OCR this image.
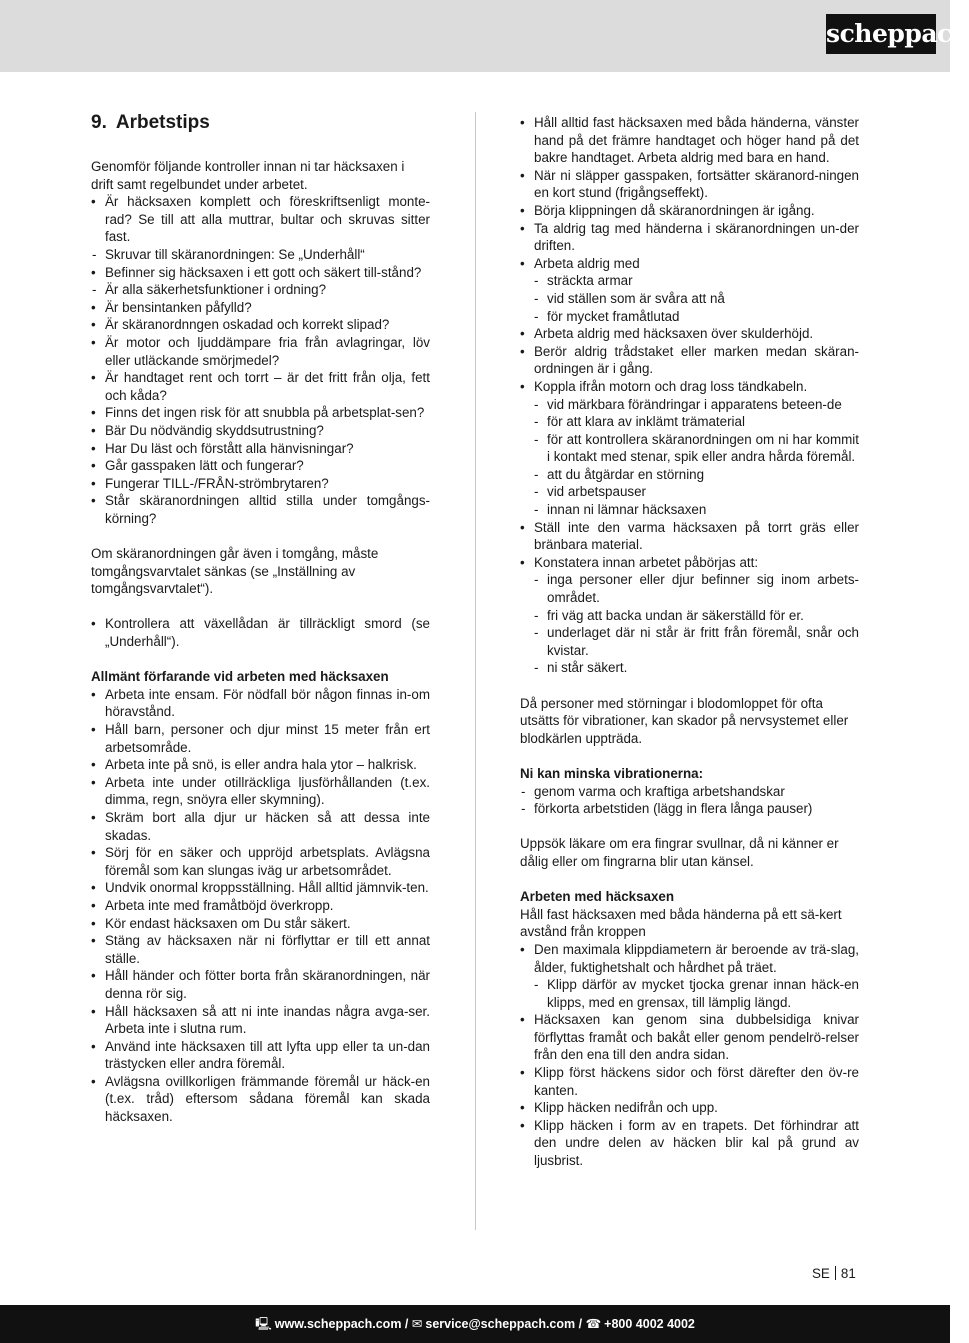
scheppach
9. Arbetstips

Genomför följande kontroller innan ni tar häcksaxen i drift samt regelbundet under arbetet.

• Är häcksaxen komplett och föreskriftsenligt monte-rad? Se till att alla muttrar, bultar och skruvas sitter fast.
- Skruvar till skäranordningen: Se „Underhåll“
• Befinner sig häcksaxen i ett gott och säkert till-stånd?
- Är alla säkerhetsfunktioner i ordning?
• Är bensintanken påfylld?
• Är skäranordnngen oskadad och korrekt slipad?
• Är motor och ljuddämpare fria från avlagringar, löv eller utläckande smörjmedel?
• Är handtaget rent och torrt – är det fritt från olja, fett och kåda?
• Finns det ingen risk för att snubbla på arbetsplat-sen?
• Bär Du nödvändig skyddsutrustning?
• Har Du läst och förstått alla hänvisningar?
• Går gasspaken lätt och fungerar?
• Fungerar TILL-/FRÅN-strömbrytaren?
• Står skäranordningen alltid stilla under tomgångs-körning?

Om skäranordningen går även i tomgång, måste tomgångsvarvtalet sänkas (se „Inställning av tomgångsvarvtalet“).

• Kontrollera att växellådan är tillräckligt smord (se „Underhåll“).

Allmänt förfarande vid arbeten med häcksaxen

• Arbeta inte ensam. För nödfall bör någon finnas in-om höravstånd.
• Håll barn, personer och djur minst 15 meter från ert arbetsområde.
• Arbeta inte på snö, is eller andra hala ytor – halkrisk.
• Arbeta inte under otillräckliga ljusförhållanden (t.ex. dimma, regn, snöyra eller skymning).
• Skräm bort alla djur ur häcken så att dessa inte skadas.
• Sörj för en säker och uppröjd arbetsplats. Avlägsna föremål som kan slungas iväg ur arbetsområdet.
• Undvik onormal kroppsställning. Håll alltid jämnvik-ten.
• Arbeta inte med framåtböjd överkropp.
• Kör endast häcksaxen om Du står säkert.
• Stäng av häcksaxen när ni förflyttar er till ett annat ställe.
• Håll händer och fötter borta från skäranordningen, när denna rör sig.
• Håll häcksaxen så att ni inte inandas några avga-ser. Arbeta inte i slutna rum.
• Använd inte häcksaxen till att lyfta upp eller ta un-dan trästycken eller andra föremål.
• Avlägsna ovillkorligen främmande föremål ur häck-en (t.ex. tråd) eftersom sådana föremål kan skada häcksaxen.
• Håll alltid fast häcksaxen med båda händerna, vänster hand på det främre handtaget och höger hand på det bakre handtaget. Arbeta aldrig med bara en hand.
• När ni släpper gasspaken, fortsätter skäranord-ningen en kort stund (frigångseffekt).
• Börja klippningen då skäranordningen är igång.
• Ta aldrig tag med händerna i skäranordningen un-der driften.
• Arbeta aldrig med
- sträckta armar
- vid ställen som är svåra att nå
- för mycket framåtlutad
• Arbeta aldrig med häcksaxen över skulderhöjd.
• Berör aldrig trådstaket eller marken medan skäran-ordningen är i gång.
• Koppla ifrån motorn och drag loss tändkabeln.
- vid märkbara förändringar i apparatens beteen-de
- för att klara av inklämt trämaterial
- för att kontrollera skäranordningen om ni har kommit i kontakt med stenar, spik eller andra hårda föremål.
- att du åtgärdar en störning
- vid arbetspauser
- innan ni lämnar häcksaxen
• Ställ inte den varma häcksaxen på torrt gräs eller bränbara material.
• Konstatera innan arbetet påbörjas att:
- inga personer eller djur befinner sig inom arbets-området.
- fri väg att backa undan är säkerställd för er.
- underlaget där ni står är fritt från föremål, snår och kvistar.
- ni står säkert.

Då personer med störningar i blodomloppet för ofta utsätts för vibrationer, kan skador på nervsystemet eller blodkärlen uppträda.

Ni kan minska vibrationerna:

- genom varma och kraftiga arbetshandskar
- förkorta arbetstiden (lägg in flera långa pauser)

Uppsök läkare om era fingrar svullnar, då ni känner er dålig eller om fingrarna blir utan känsel.

Arbeten med häcksaxen

Håll fast häcksaxen med båda händerna på ett sä-kert avstånd från kroppen

• Den maximala klippdiametern är beroende av trä-slag, ålder, fuktighetshalt och hårdhet på träet.
- Klipp därför av mycket tjocka grenar innan häck-en klipps, med en grensax, till lämplig längd.
• Häcksaxen kan genom sina dubbelsidiga knivar förflyttas framåt och bakåt eller genom pendelrö-relser från den ena till den andra sidan.
• Klipp först häckens sidor och först därefter den öv-re kanten.
• Klipp häcken nedifrån och upp.
• Klipp häcken i form av en trapets. Det förhindrar att den undre delen av häcken blir kal på grund av ljusbrist.
SE 81
🖳︎ www.scheppach.com / ✉ service@scheppach.com / ☎ +800 4002 4002
